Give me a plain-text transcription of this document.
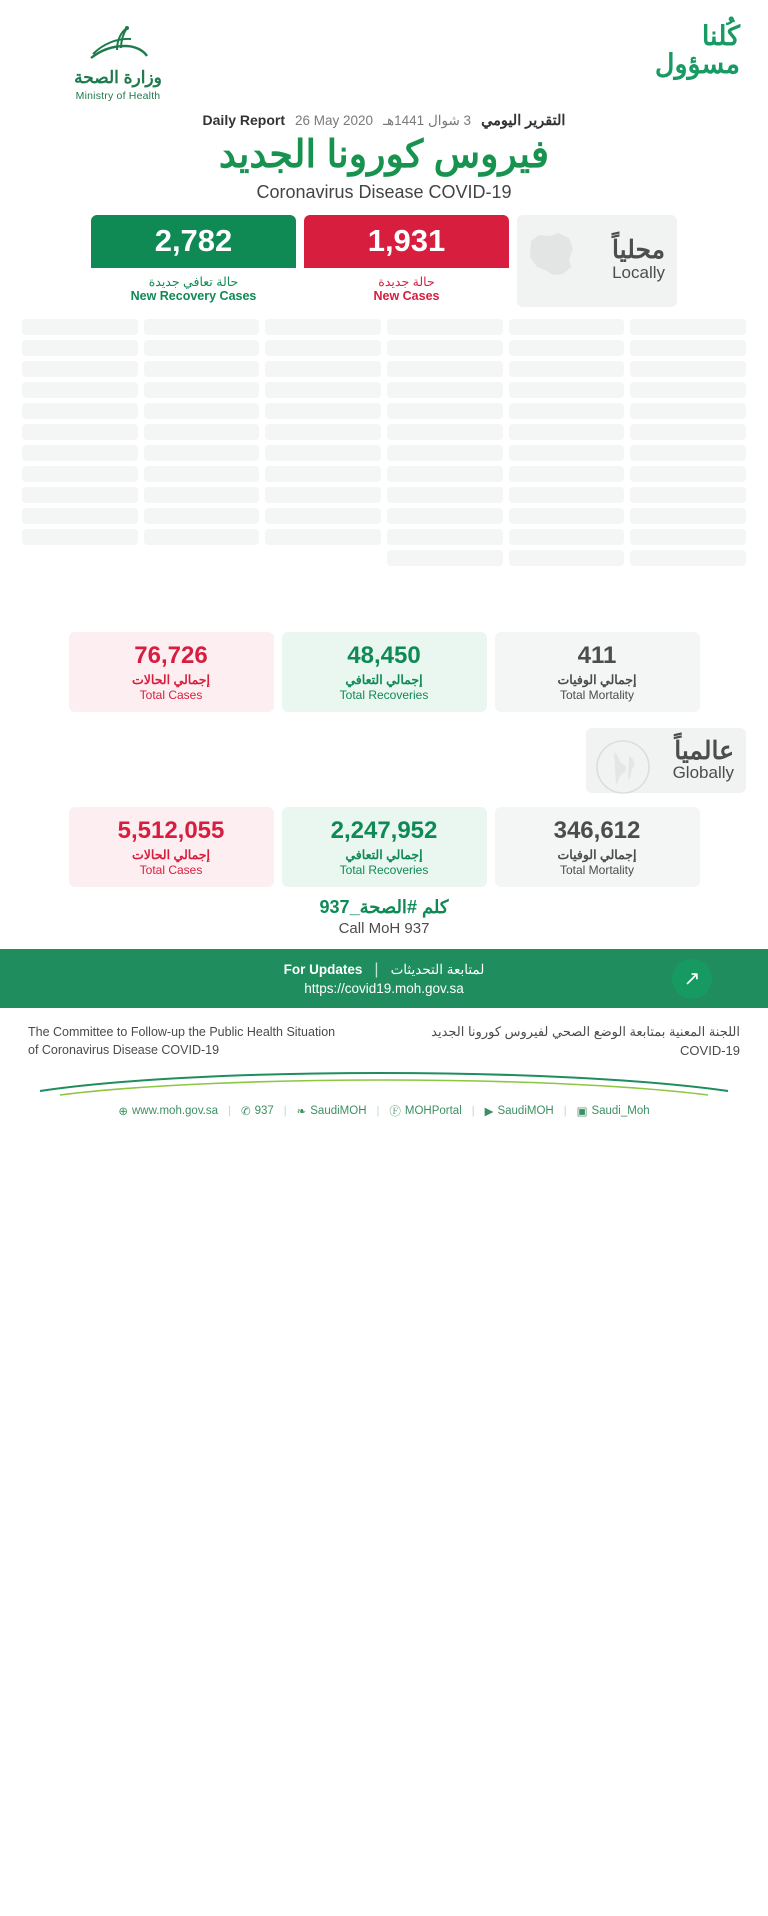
وزارة الصحة
Ministry of Health
كُلنا
مسؤول
Daily Report 26 May 2020 3 شوال 1441هـ التقرير اليومي
فيروس كورونا الجديد
Coronavirus Disease COVID-19
2,782
حالة تعافي جديدة
New Recovery Cases
1,931
حالة جديدة
New Cases
محلياً
Locally

76,726
إجمالي الحالات
Total Cases
48,450
إجمالي التعافي
Total Recoveries
411
إجمالي الوفيات
Total Mortality
عالمياً
Globally
5,512,055
إجمالي الحالات
Total Cases
2,247,952
إجمالي التعافي
Total Recoveries
346,612
إجمالي الوفيات
Total Mortality
كلم #الصحة_937
Call MoH 937
↗
For Updates | لمتابعة التحديثات
https://covid19.moh.gov.sa
The Committee to Follow-up the Public Health Situation of Coronavirus Disease COVID-19
اللجنة المعنية بمتابعة الوضع الصحي لفيروس كورونا الجديد COVID-19
⊕ www.moh.gov.sa | ✆ 937 | ❧ SaudiMOH | Ⓕ MOHPortal | ▶ SaudiMOH | ▣ Saudi_Moh
